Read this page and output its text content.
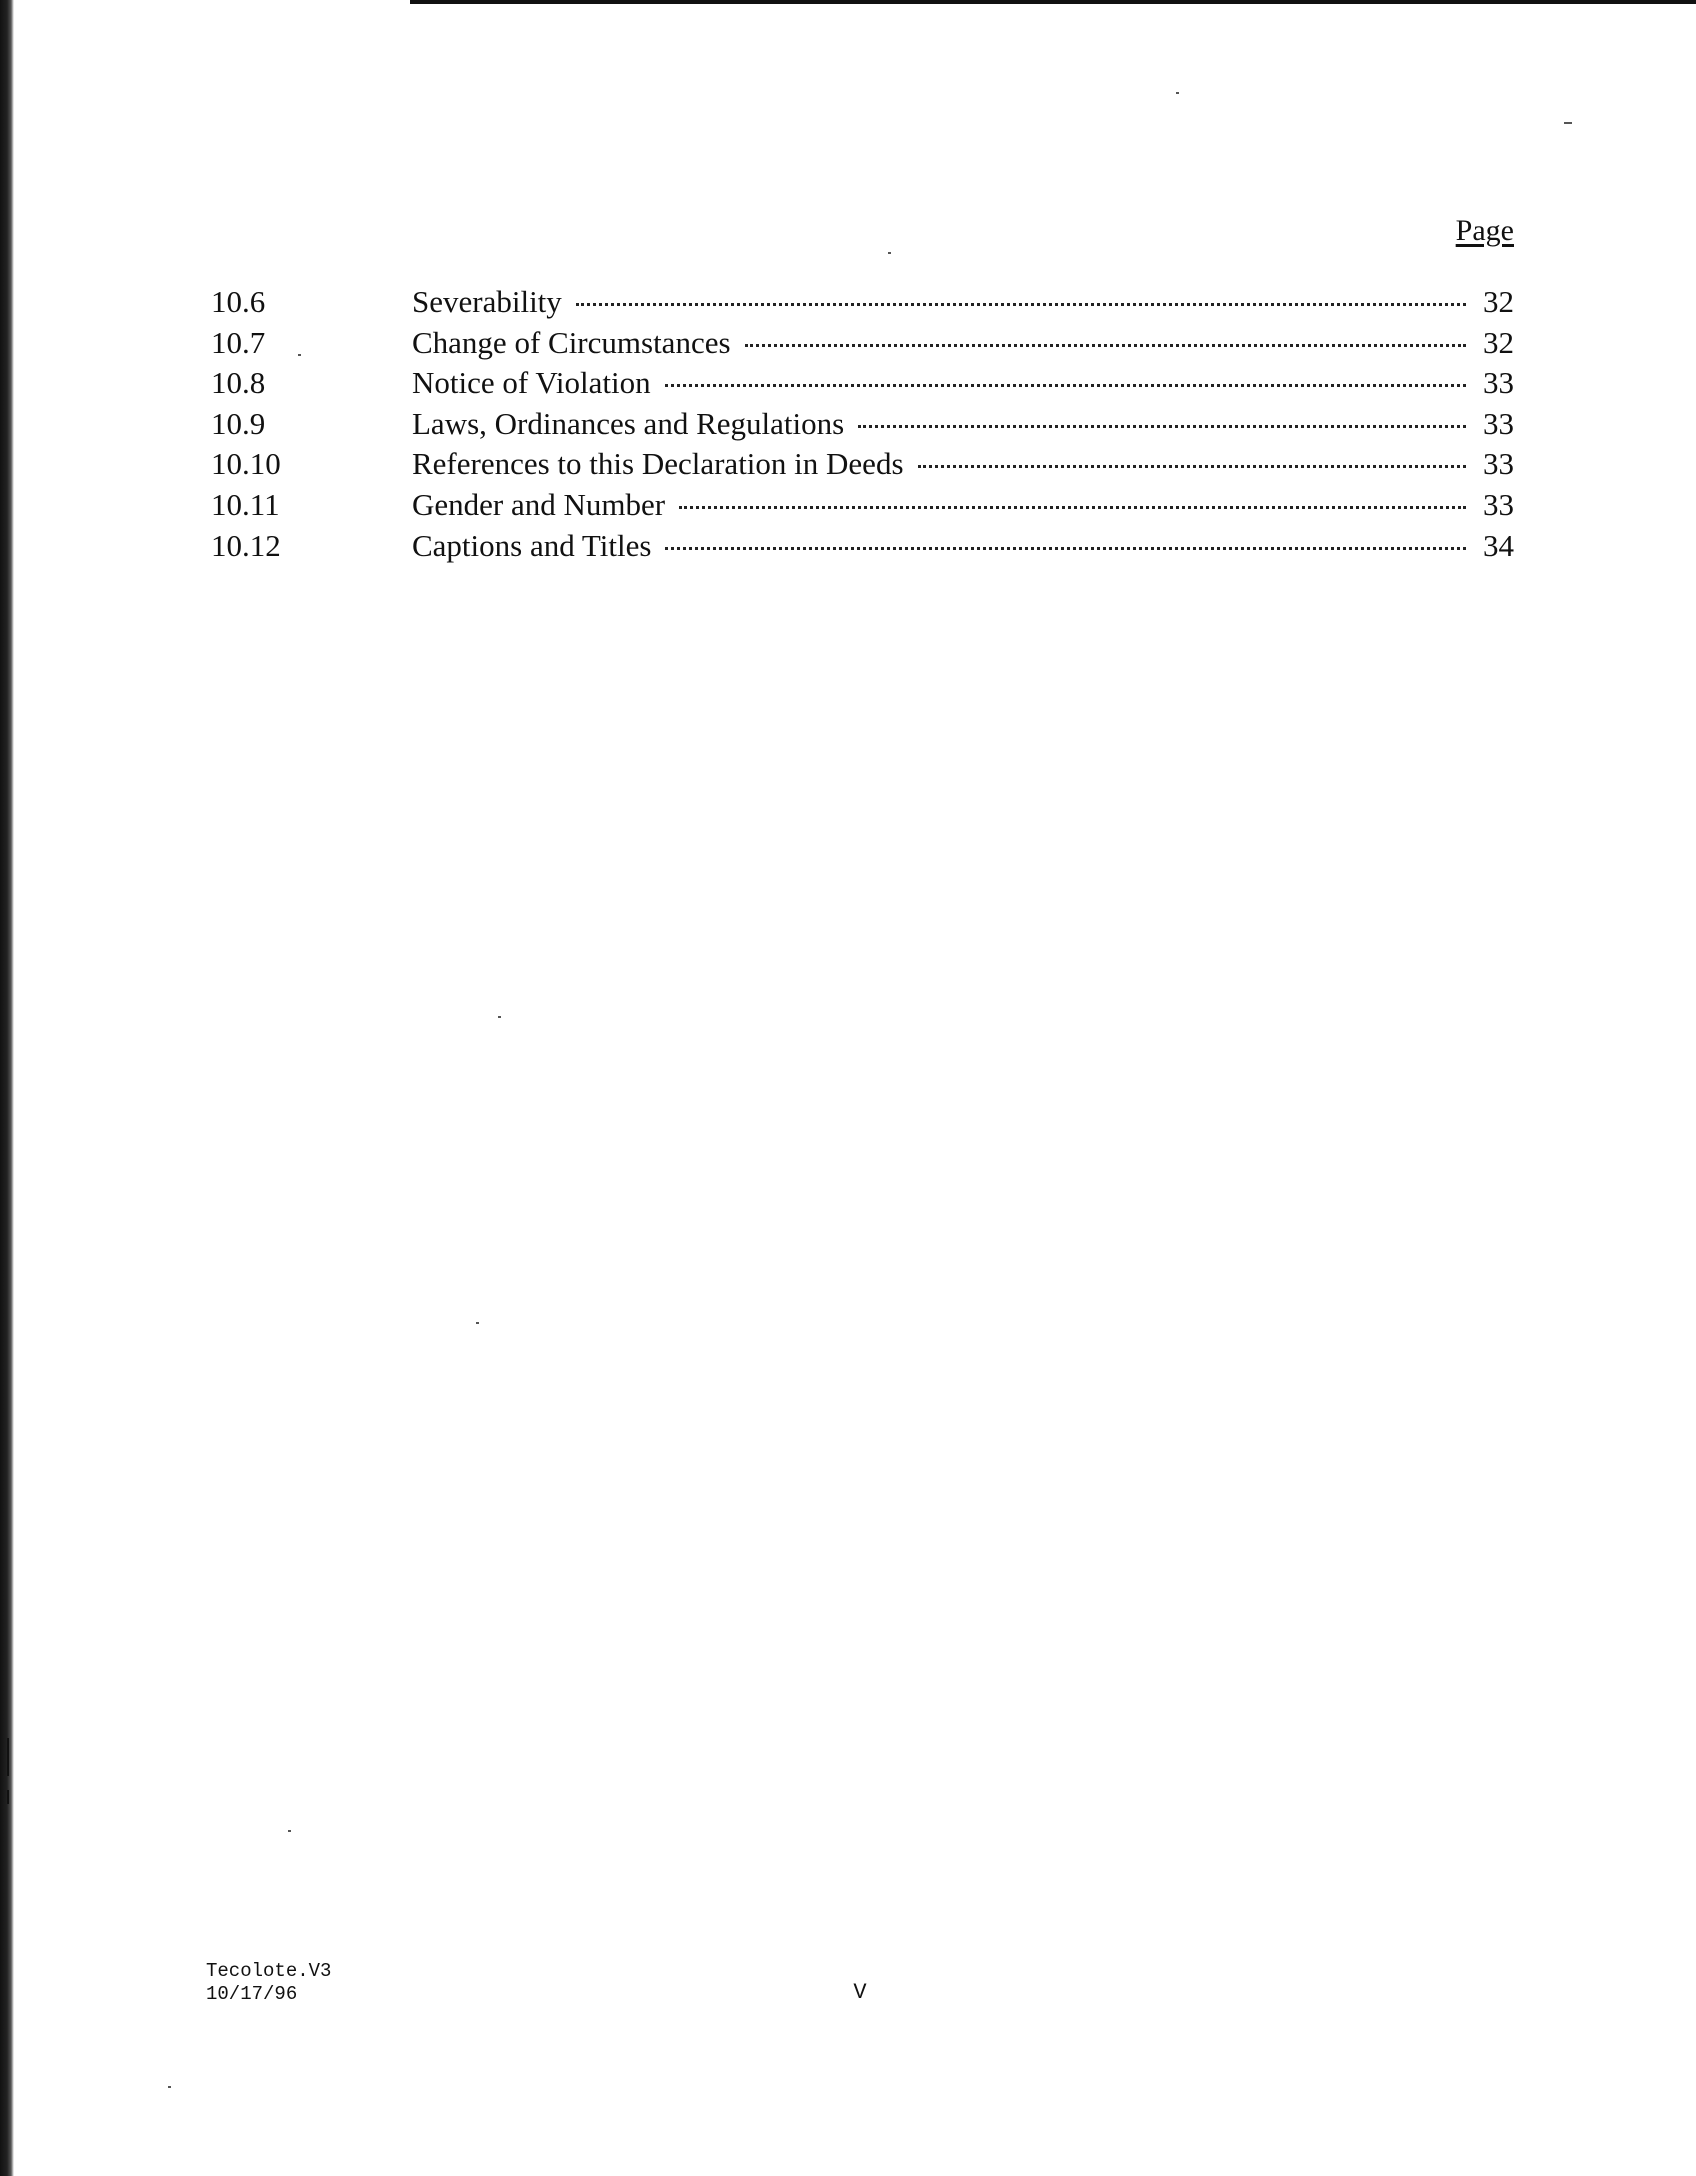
Page
10.6	Severability	32
10.7	Change of Circumstances	32
10.8	Notice of Violation	33
10.9	Laws, Ordinances and Regulations	33
10.10	References to this Declaration in Deeds	33
10.11	Gender and Number	33
10.12	Captions and Titles	34
Tecolote.V3
10/17/96	V
